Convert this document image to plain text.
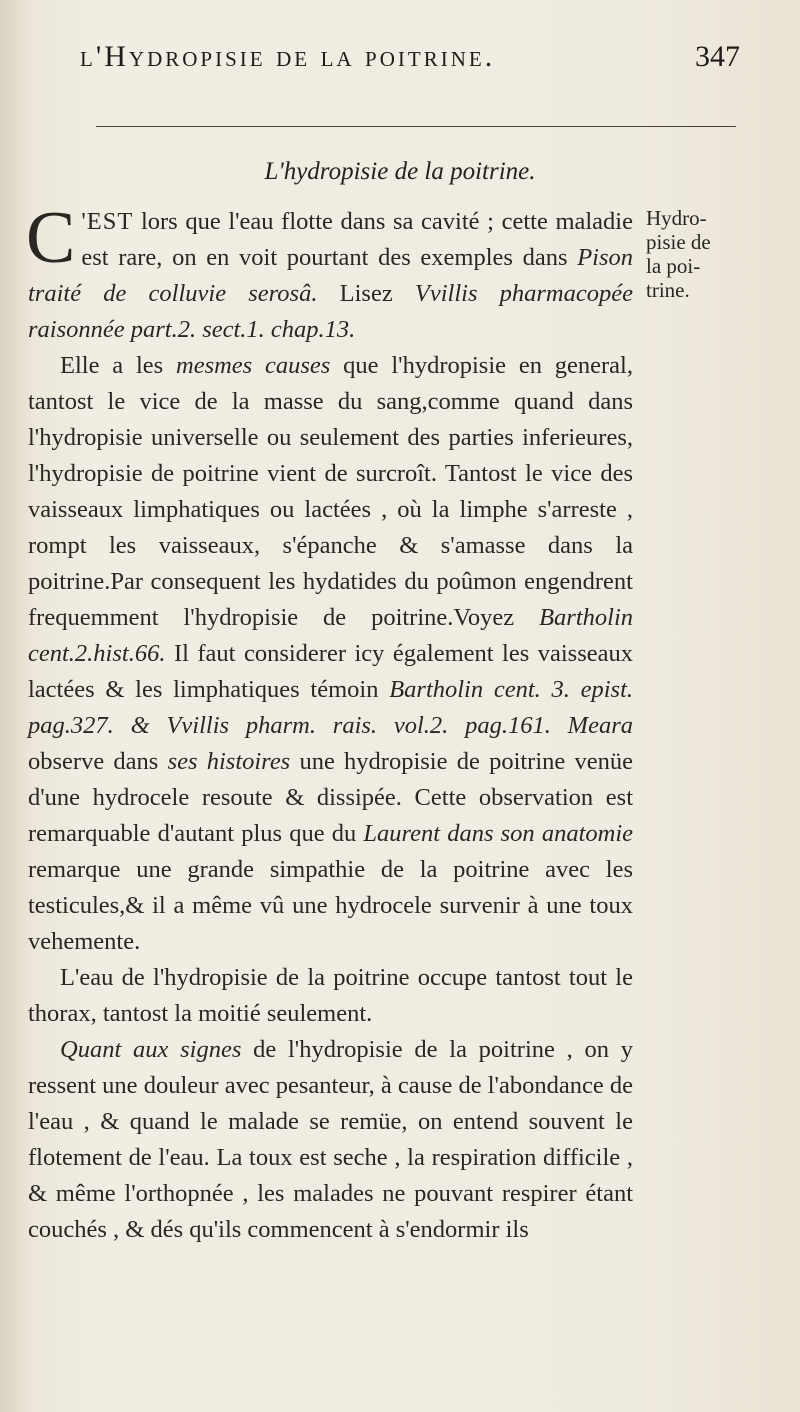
l'Hydropisie de la poitrine.	347
L'hydropisie de la poitrine.
Hydro-
pisie de
la poi-
trine.

C 'EST lors que l'eau flotte dans sa cavité ; cette maladie est rare, on en voit pourtant des exemples dans Pison traité de colluvie serosâ. Lisez Vvillis pharmacopée raisonnée part.2. sect.1. chap.13.

Elle a les mesmes causes que l'hydropisie en general, tantost le vice de la masse du sang,comme quand dans l'hydropisie universelle ou seulement des parties inferieures, l'hydropisie de poitrine vient de surcroît. Tantost le vice des vaisseaux limphatiques ou lactées , où la limphe s'arreste , rompt les vaisseaux, s'épanche & s'amasse dans la poitrine.Par consequent les hydatides du poûmon engendrent frequemment l'hydropisie de poitrine.Voyez Bartholin cent.2.hist.66. Il faut considerer icy également les vaisseaux lactées & les limphatiques témoin Bartholin cent. 3. epist. pag.327. & Vvillis pharm. rais. vol.2. pag.161. Meara observe dans ses histoires une hydropisie de poitrine venüe d'une hydrocele resoute & dissipée. Cette observation est remarquable d'autant plus que du Laurent dans son anatomie remarque une grande simpathie de la poitrine avec les testicules,& il a même vû une hydrocele survenir à une toux vehemente.

L'eau de l'hydropisie de la poitrine occupe tantost tout le thorax, tantost la moitié seulement.

Quant aux signes de l'hydropisie de la poitrine , on y ressent une douleur avec pesanteur, à cause de l'abondance de l'eau , & quand le malade se remüe, on entend souvent le flotement de l'eau. La toux est seche , la respiration difficile , & même l'orthopnée , les malades ne pouvant respirer étant couchés , & dés qu'ils commencent à s'endormir ils
